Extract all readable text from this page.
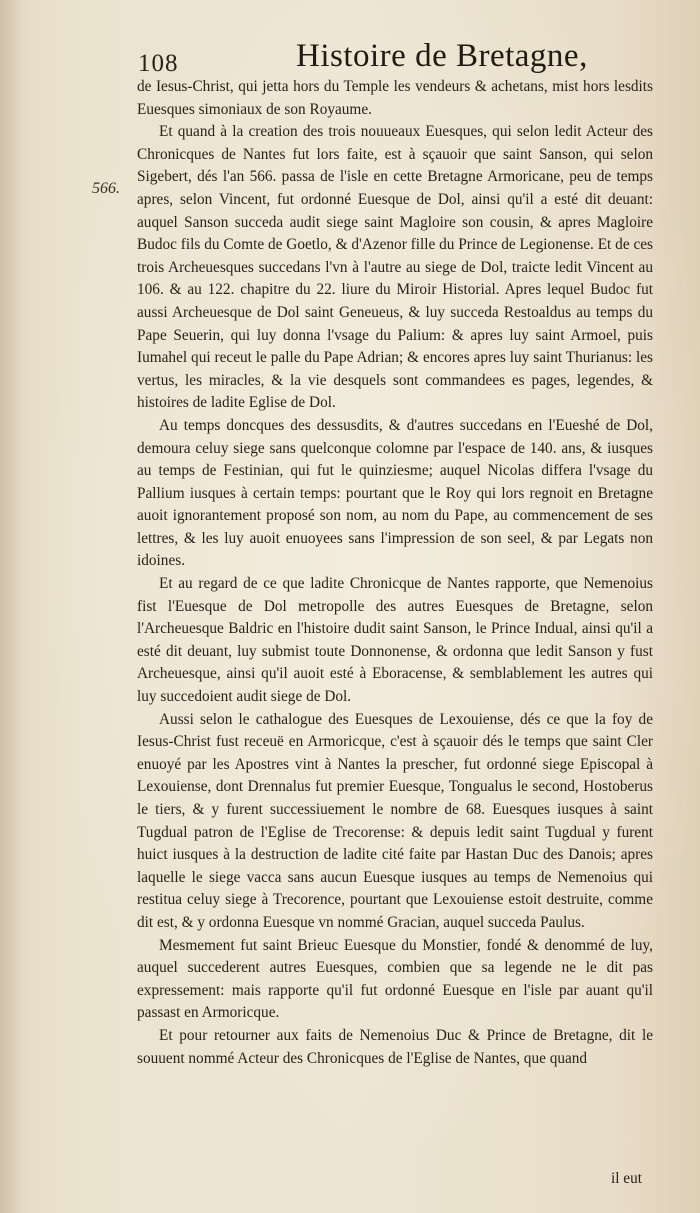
108	Histoire de Bretagne,
566.

de Iesus-Christ, qui jetta hors du Temple les vendeurs & achetans, mist hors lesdits Euesques simoniaux de son Royaume.

Et quand à la creation des trois nouueaux Euesques, qui selon ledit Acteur des Chronicques de Nantes fut lors faite, est à sçauoir que saint Sanson, qui selon Sigebert, dés l'an 566. passa de l'isle en cette Bretagne Armoricane, peu de temps apres, selon Vincent, fut ordonné Euesque de Dol, ainsi qu'il a esté dit deuant: auquel Sanson succeda audit siege saint Magloire son cousin, & apres Magloire Budoc fils du Comte de Goetlo, & d'Azenor fille du Prince de Legionense. Et de ces trois Archeuesques succedans l'vn à l'autre au siege de Dol, traicte ledit Vincent au 106. & au 122. chapitre du 22. liure du Miroir Historial. Apres lequel Budoc fut aussi Archeuesque de Dol saint Geneueus, & luy succeda Restoaldus au temps du Pape Seuerin, qui luy donna l'vsage du Palium: & apres luy saint Armoel, puis Iumahel qui receut le palle du Pape Adrian; & encores apres luy saint Thurianus: les vertus, les miracles, & la vie desquels sont commandees es pages, legendes, & histoires de ladite Eglise de Dol.

Au temps doncques des dessusdits, & d'autres succedans en l'Eueshé de Dol, demoura celuy siege sans quelconque colomne par l'espace de 140. ans, & iusques au temps de Festinian, qui fut le quinziesme; auquel Nicolas differa l'vsage du Pallium iusques à certain temps: pourtant que le Roy qui lors regnoit en Bretagne auoit ignorantement proposé son nom, au nom du Pape, au commencement de ses lettres, & les luy auoit enuoyees sans l'impression de son seel, & par Legats non idoines.

Et au regard de ce que ladite Chronicque de Nantes rapporte, que Nemenoius fist l'Euesque de Dol metropolle des autres Euesques de Bretagne, selon l'Archeuesque Baldric en l'histoire dudit saint Sanson, le Prince Indual, ainsi qu'il a esté dit deuant, luy submist toute Donnonense, & ordonna que ledit Sanson y fust Archeuesque, ainsi qu'il auoit esté à Eboracense, & semblablement les autres qui luy succedoient audit siege de Dol.

Aussi selon le cathalogue des Euesques de Lexouiense, dés ce que la foy de Iesus-Christ fust receuë en Armoricque, c'est à sçauoir dés le temps que saint Cler enuoyé par les Apostres vint à Nantes la prescher, fut ordonné siege Episcopal à Lexouiense, dont Drennalus fut premier Euesque, Tongualus le second, Hostoberus le tiers, & y furent successiuement le nombre de 68. Euesques iusques à saint Tugdual patron de l'Eglise de Trecorense: & depuis ledit saint Tugdual y furent huict iusques à la destruction de ladite cité faite par Hastan Duc des Danois; apres laquelle le siege vacca sans aucun Euesque iusques au temps de Nemenoius qui restitua celuy siege à Trecorence, pourtant que Lexouiense estoit destruite, comme dit est, & y ordonna Euesque vn nommé Gracian, auquel succeda Paulus.

Mesmement fut saint Brieuc Euesque du Monstier, fondé & denommé de luy, auquel succederent autres Euesques, combien que sa legende ne le dit pas expressement: mais rapporte qu'il fut ordonné Euesque en l'isle par auant qu'il passast en Armoricque.

Et pour retourner aux faits de Nemenoius Duc & Prince de Bretagne, dit le souuent nommé Acteur des Chronicques de l'Eglise de Nantes, que quand

il eut
